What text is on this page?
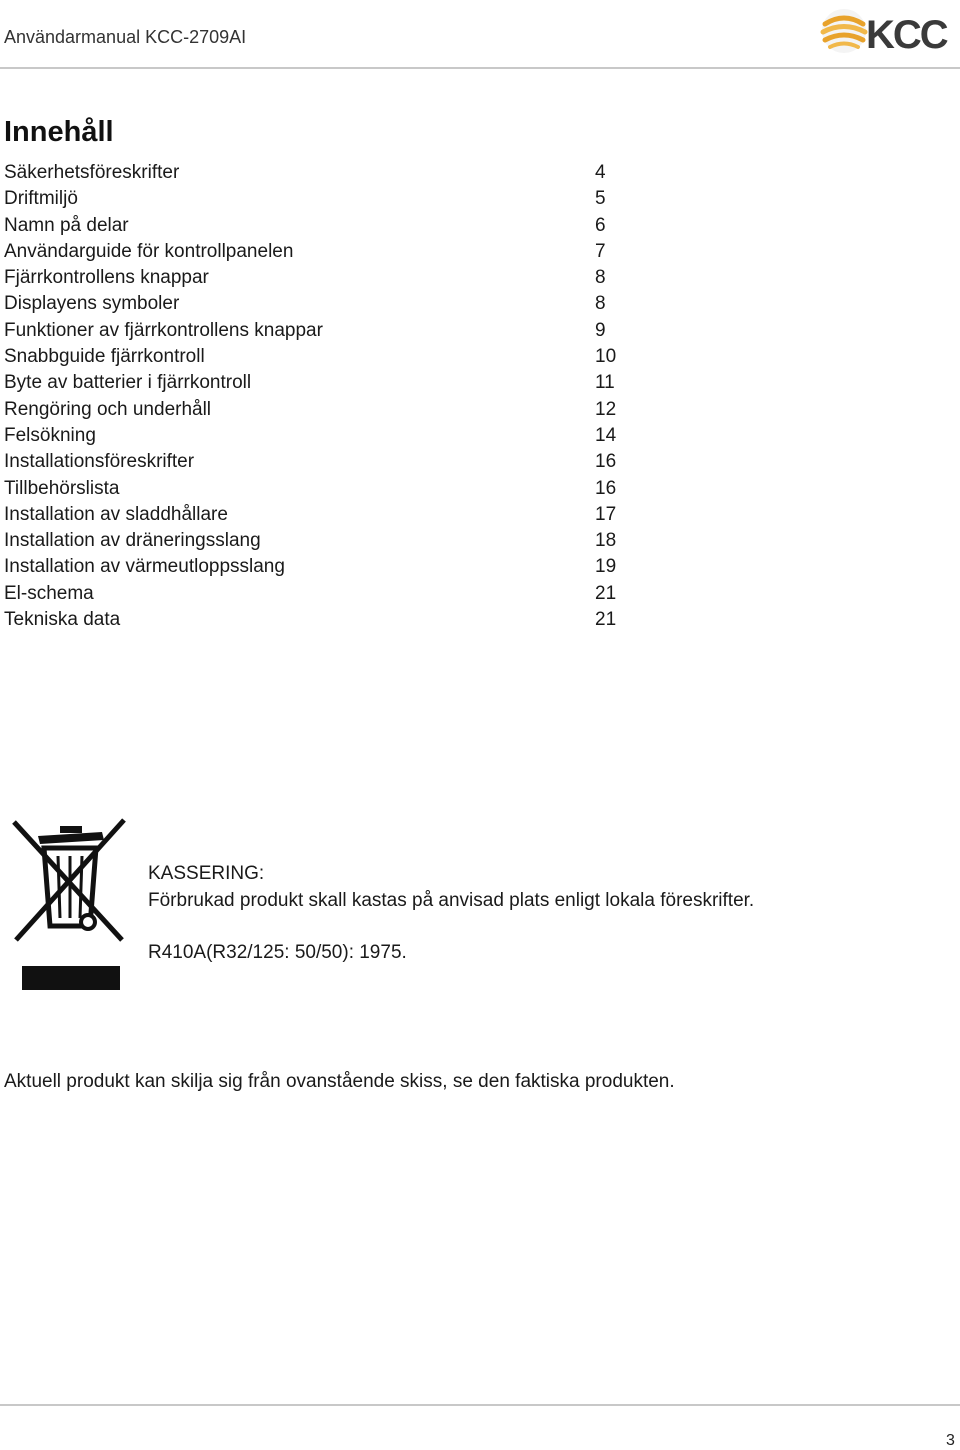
Användarmanual KCC-2709AI	KCC
Innehåll
Säkerhetsföreskrifter	4
Driftmiljö	5
Namn på delar	6
Användarguide för kontrollpanelen	7
Fjärrkontrollens knappar	8
Displayens symboler	8
Funktioner av fjärrkontrollens knappar	9
Snabbguide fjärrkontroll	10
Byte av batterier i fjärrkontroll	11
Rengöring och underhåll	12
Felsökning	14
Installationsföreskrifter	16
Tillbehörslista	16
Installation av sladdhållare	17
Installation av dräneringsslang	18
Installation av värmeutloppsslang	19
El-schema	21
Tekniska data	21
KASSERING:
Förbrukad produkt skall kastas på anvisad plats enligt lokala föreskrifter.
R410A(R32/125: 50/50): 1975.
Aktuell produkt kan skilja sig från ovanstående skiss, se den faktiska produkten.
3
